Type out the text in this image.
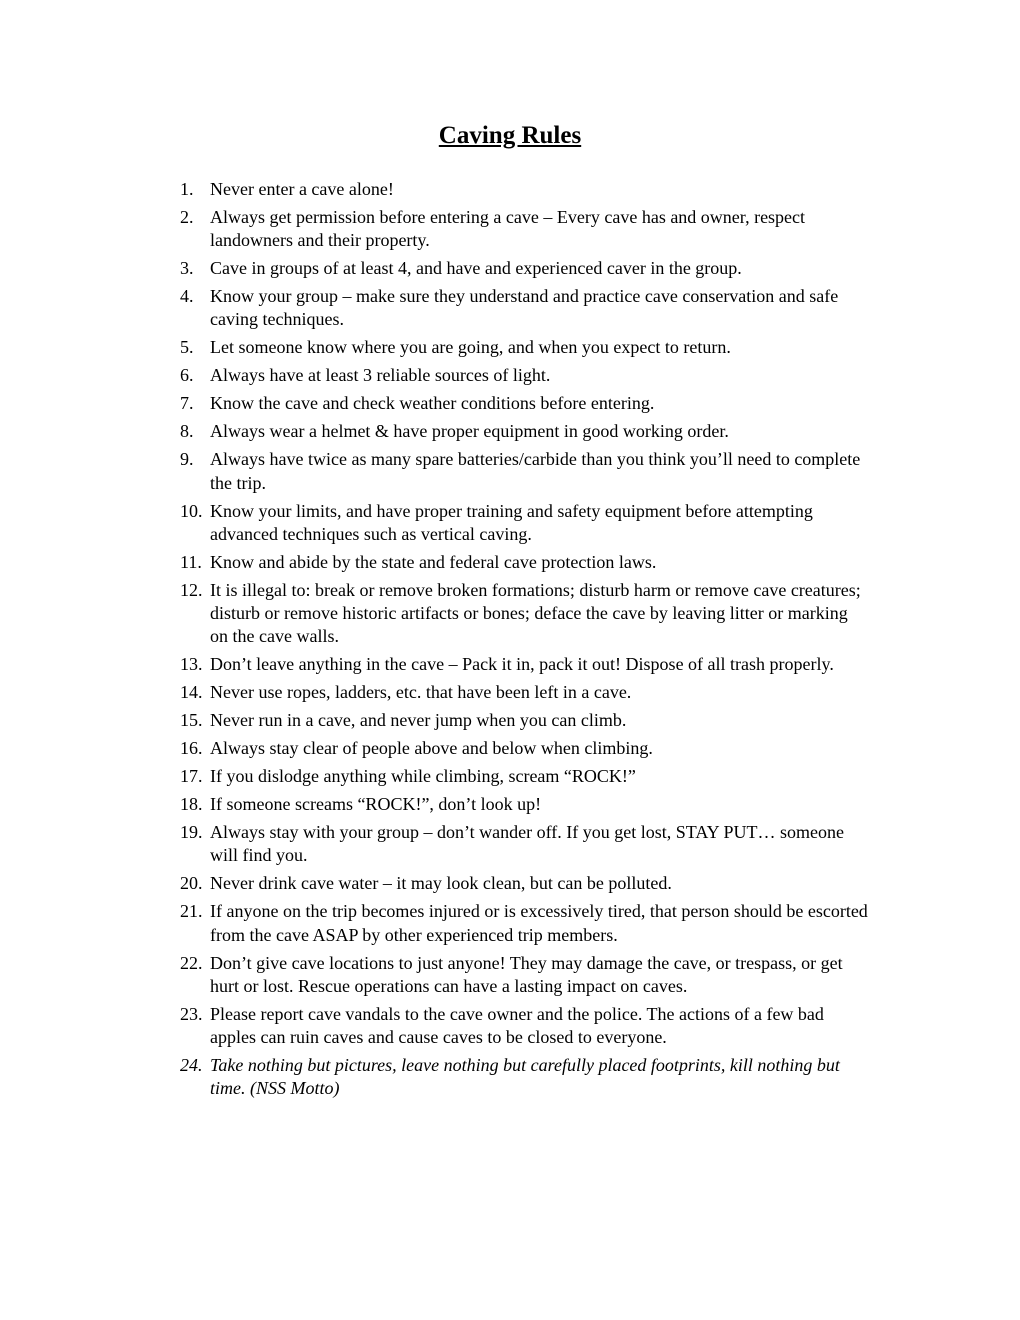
Caving Rules
1. Never enter a cave alone!
2. Always get permission before entering a cave – Every cave has and owner, respect landowners and their property.
3. Cave in groups of at least 4, and have and experienced caver in the group.
4. Know your group – make sure they understand and practice cave conservation and safe caving techniques.
5. Let someone know where you are going, and when you expect to return.
6. Always have at least 3 reliable sources of light.
7. Know the cave and check weather conditions before entering.
8. Always wear a helmet & have proper equipment in good working order.
9. Always have twice as many spare batteries/carbide than you think you’ll need to complete the trip.
10. Know your limits, and have proper training and safety equipment before attempting advanced techniques such as vertical caving.
11. Know and abide by the state and federal cave protection laws.
12. It is illegal to: break or remove broken formations; disturb harm or remove cave creatures; disturb or remove historic artifacts or bones; deface the cave by leaving litter or marking on the cave walls.
13. Don’t leave anything in the cave – Pack it in, pack it out! Dispose of all trash properly.
14. Never use ropes, ladders, etc. that have been left in a cave.
15. Never run in a cave, and never jump when you can climb.
16. Always stay clear of people above and below when climbing.
17. If you dislodge anything while climbing, scream “ROCK!”
18. If someone screams “ROCK!”, don’t look up!
19. Always stay with your group – don’t wander off. If you get lost, STAY PUT… someone will find you.
20. Never drink cave water – it may look clean, but can be polluted.
21. If anyone on the trip becomes injured or is excessively tired, that person should be escorted from the cave ASAP by other experienced trip members.
22. Don’t give cave locations to just anyone! They may damage the cave, or trespass, or get hurt or lost. Rescue operations can have a lasting impact on caves.
23. Please report cave vandals to the cave owner and the police. The actions of a few bad apples can ruin caves and cause caves to be closed to everyone.
24. Take nothing but pictures, leave nothing but carefully placed footprints, kill nothing but time. (NSS Motto)
